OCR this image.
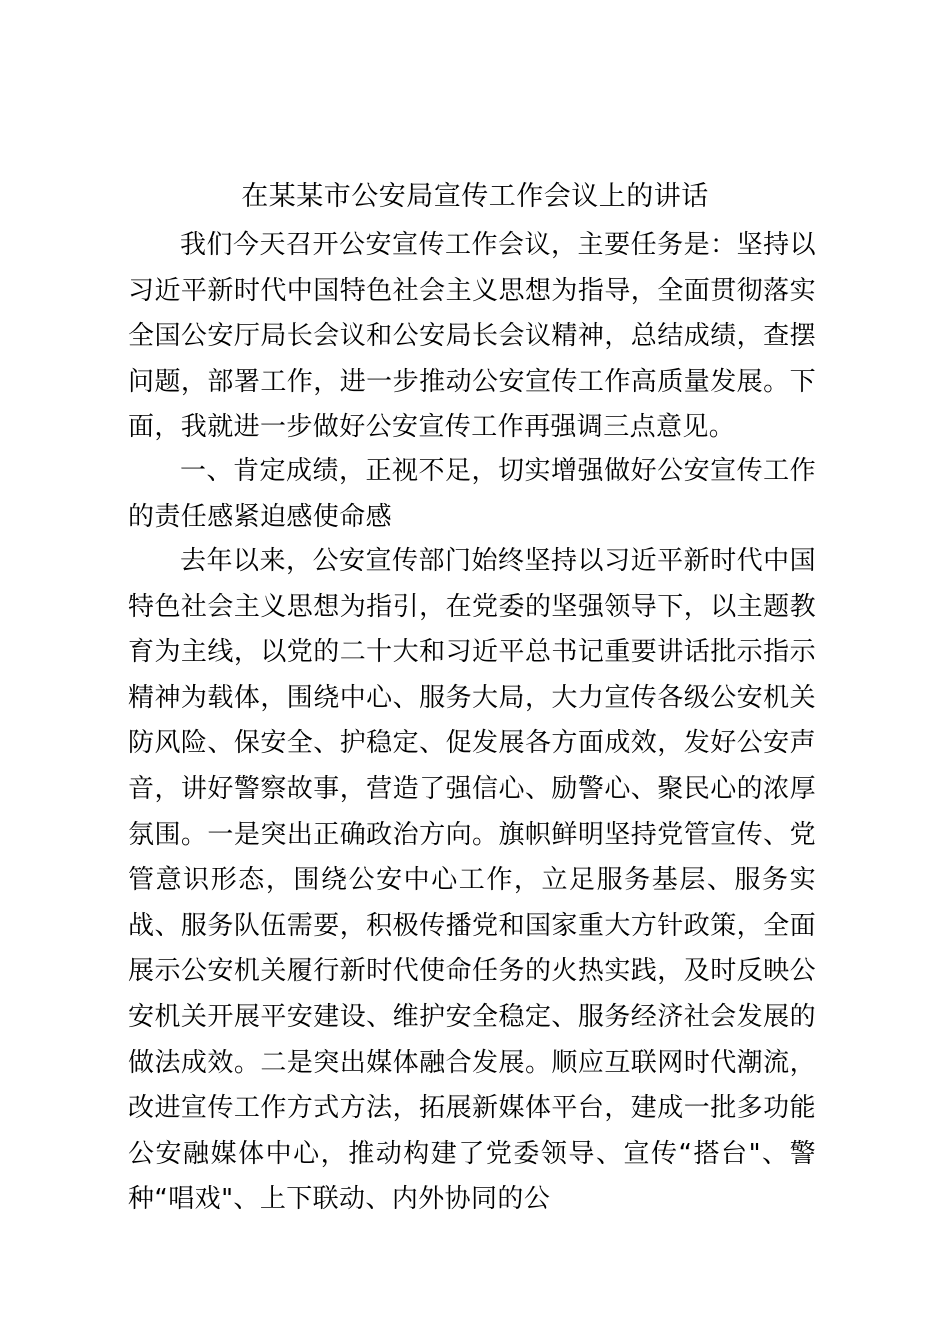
在某某市公安局宣传工作会议上的讲话

我们今天召开公安宣传工作会议，主要任务是：坚持以习近平新时代中国特色社会主义思想为指导，全面贯彻落实全国公安厅局长会议和公安局长会议精神，总结成绩，查摆问题，部署工作，进一步推动公安宣传工作高质量发展。下面，我就进一步做好公安宣传工作再强调三点意见。

一、肯定成绩，正视不足，切实增强做好公安宣传工作的责任感紧迫感使命感

去年以来，公安宣传部门始终坚持以习近平新时代中国特色社会主义思想为指引，在党委的坚强领导下，以主题教育为主线，以党的二十大和习近平总书记重要讲话批示指示精神为载体，围绕中心、服务大局，大力宣传各级公安机关防风险、保安全、护稳定、促发展各方面成效，发好公安声音，讲好警察故事，营造了强信心、励警心、聚民心的浓厚氛围。一是突出正确政治方向。旗帜鲜明坚持党管宣传、党管意识形态，围绕公安中心工作，立足服务基层、服务实战、服务队伍需要，积极传播党和国家重大方针政策，全面展示公安机关履行新时代使命任务的火热实践，及时反映公安机关开展平安建设、维护安全稳定、服务经济社会发展的做法成效。二是突出媒体融合发展。顺应互联网时代潮流，改进宣传工作方式方法，拓展新媒体平台，建成一批多功能公安融媒体中心，推动构建了党委领导、宣传“搭台"、警种“唱戏"、上下联动、内外协同的公
